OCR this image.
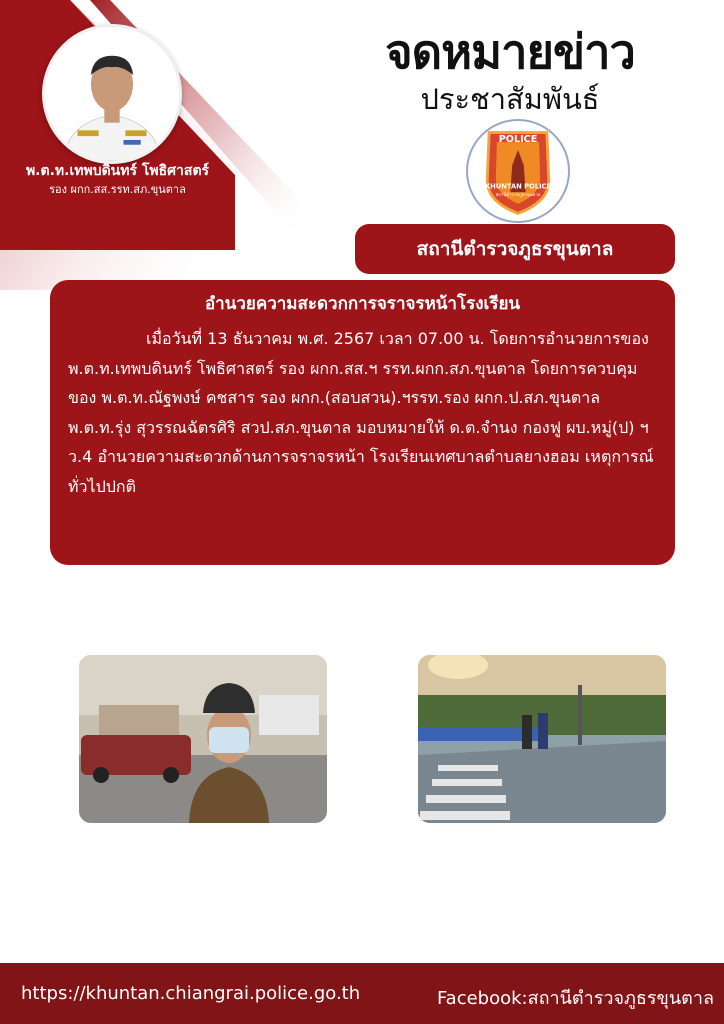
พ.ต.ท.เทพบดินทร์ โพธิศาสตร์
รอง ผกก.สส.รรท.สภ.ขุนตาล
จดหมายข่าว
ประชาสัมพันธ์
POLICE
KHUNTAN POLICE
สถานีตำรวจภูธรขุนตาล
สถานีตำรวจภูธรขุนตาล
อำนวยความสะดวกการจราจรหน้าโรงเรียน
เมื่อวันที่ 13 ธันวาคม พ.ศ. 2567 เวลา 07.00 น. โดยการอำนวยการของ พ.ต.ท.เทพบดินทร์ โพธิศาสตร์ รอง ผกก.สส.ฯ รรท.ผกก.สภ.ขุนตาล โดยการควบคุมของ พ.ต.ท.ณัฐพงษ์ คชสาร รอง ผกก.(สอบสวน).ฯรรท.รอง ผกก.ป.สภ.ขุนตาล พ.ต.ท.รุ่ง สุวรรณฉัตรศิริ สวป.สภ.ขุนตาล มอบหมายให้ ด.ต.จำนง กองฟู ผบ.หมู่(ป) ฯ ว.4 อำนวยความสะดวกด้านการจราจรหน้า โรงเรียนเทศบาลตำบลยางฮอม เหตุการณ์ทั่วไปปกติ
https://khuntan.chiangrai.police.go.th	Facebook:สถานีตำรวจภูธรขุนตาล
